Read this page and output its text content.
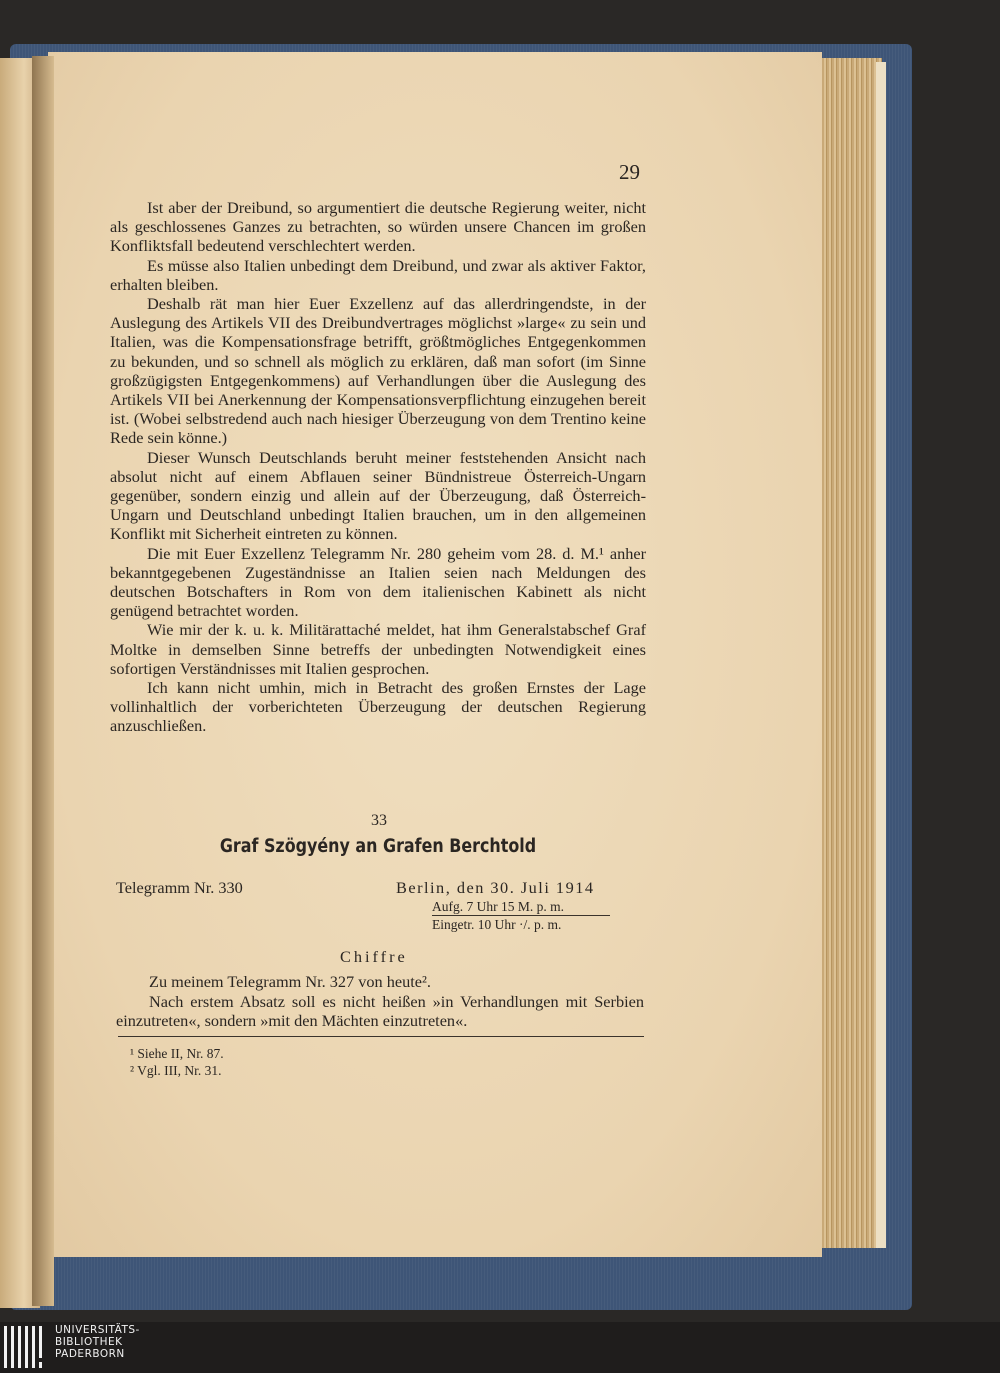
29

Ist aber der Dreibund, so argumentiert die deutsche Regierung weiter, nicht als geschlossenes Ganzes zu betrachten, so würden unsere Chancen im großen Konfliktsfall bedeutend verschlechtert werden.

Es müsse also Italien unbedingt dem Dreibund, und zwar als aktiver Faktor, erhalten bleiben.

Deshalb rät man hier Euer Exzellenz auf das allerdringendste, in der Auslegung des Artikels VII des Dreibundvertrages möglichst »large« zu sein und Italien, was die Kompensationsfrage betrifft, größtmögliches Entgegenkommen zu bekunden, und so schnell als möglich zu erklären, daß man sofort (im Sinne großzügigsten Entgegenkommens) auf Verhandlungen über die Auslegung des Artikels VII bei Anerkennung der Kompensationsverpflichtung einzugehen bereit ist. (Wobei selbstredend auch nach hiesiger Überzeugung von dem Trentino keine Rede sein könne.)

Dieser Wunsch Deutschlands beruht meiner feststehenden Ansicht nach absolut nicht auf einem Abflauen seiner Bündnistreue Österreich-Ungarn gegenüber, sondern einzig und allein auf der Überzeugung, daß Österreich-Ungarn und Deutschland unbedingt Italien brauchen, um in den allgemeinen Konflikt mit Sicherheit eintreten zu können.

Die mit Euer Exzellenz Telegramm Nr. 280 geheim vom 28. d. M.¹ anher bekanntgegebenen Zugeständnisse an Italien seien nach Meldungen des deutschen Botschafters in Rom von dem italienischen Kabinett als nicht genügend betrachtet worden.

Wie mir der k. u. k. Militärattaché meldet, hat ihm Generalstabschef Graf Moltke in demselben Sinne betreffs der unbedingten Notwendigkeit eines sofortigen Verständnisses mit Italien gesprochen.

Ich kann nicht umhin, mich in Betracht des großen Ernstes der Lage vollinhaltlich der vorberichteten Überzeugung der deutschen Regierung anzuschließen.

33
Graf Szögyény an Grafen Berchtold
Telegramm Nr. 330	Berlin, den 30. Juli 1914
Aufg. 7 Uhr 15 M. p. m.
Eingetr. 10 Uhr ·/. p. m.
Chiffre

Zu meinem Telegramm Nr. 327 von heute².

Nach erstem Absatz soll es nicht heißen »in Verhandlungen mit Serbien einzutreten«, sondern »mit den Mächten einzutreten«.

¹ Siehe II, Nr. 87.
² Vgl. III, Nr. 31.
UNIVERSITÄTS-
BIBLIOTHEK
PADERBORN
